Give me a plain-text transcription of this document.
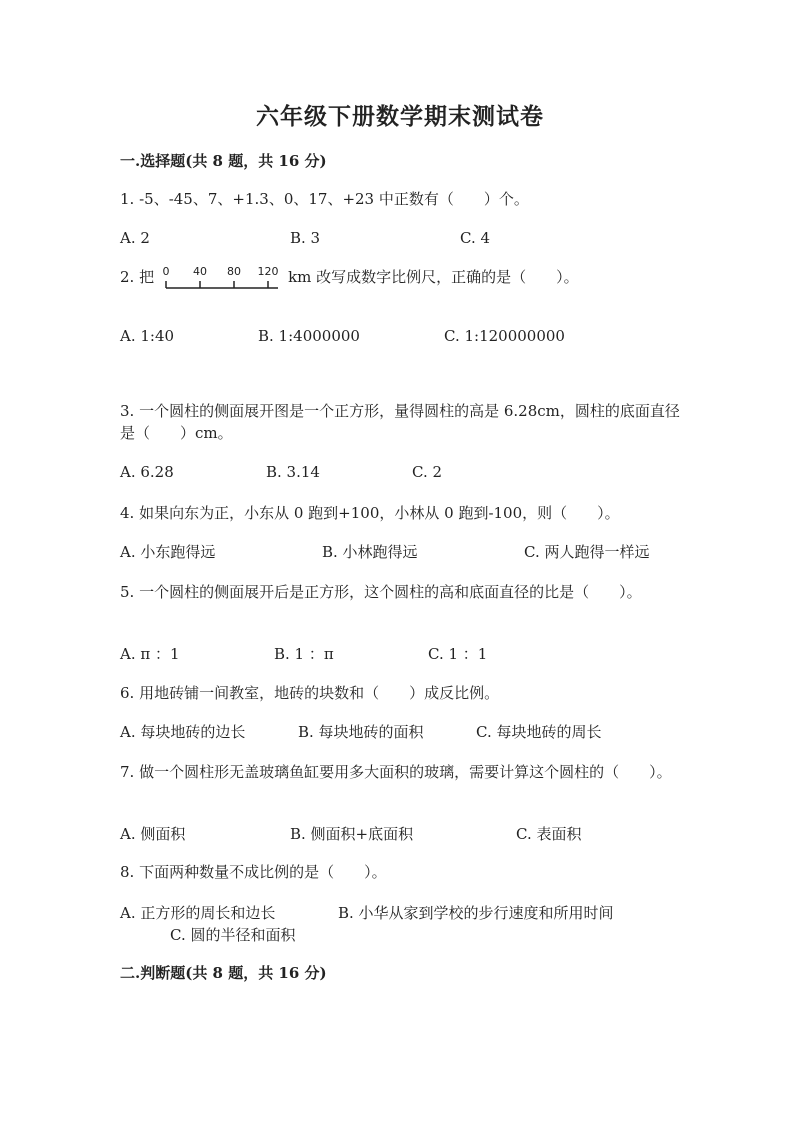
六年级下册数学期末测试卷
一.选择题(共 8 题，共 16 分)
1. -5、-45、7、+1.3、0、17、+23 中正数有（　　）个。
A. 2	B. 3	C. 4
2. 把 0 40 80 120 km 改写成数字比例尺，正确的是（　　）。
A. 1:40	B. 1:4000000	C. 1:120000000
3. 一个圆柱的侧面展开图是一个正方形，量得圆柱的高是 6.28cm，圆柱的底面直径是（　　）cm。
A. 6.28	B. 3.14	C. 2
4. 如果向东为正，小东从 0 跑到+100，小林从 0 跑到-100，则（　　）。
A. 小东跑得远	B. 小林跑得远	C. 两人跑得一样远
5. 一个圆柱的侧面展开后是正方形，这个圆柱的高和底面直径的比是（　　）。
A. π ：1	B. 1 ：π	C. 1 ：1
6. 用地砖铺一间教室，地砖的块数和（　　）成反比例。
A. 每块地砖的边长	B. 每块地砖的面积	C. 每块地砖的周长
7. 做一个圆柱形无盖玻璃鱼缸要用多大面积的玻璃，需要计算这个圆柱的（　　）。
A. 侧面积	B. 侧面积+底面积	C. 表面积
8. 下面两种数量不成比例的是（　　）。
A. 正方形的周长和边长	B. 小华从家到学校的步行速度和所用时间
C. 圆的半径和面积
二.判断题(共 8 题，共 16 分)
